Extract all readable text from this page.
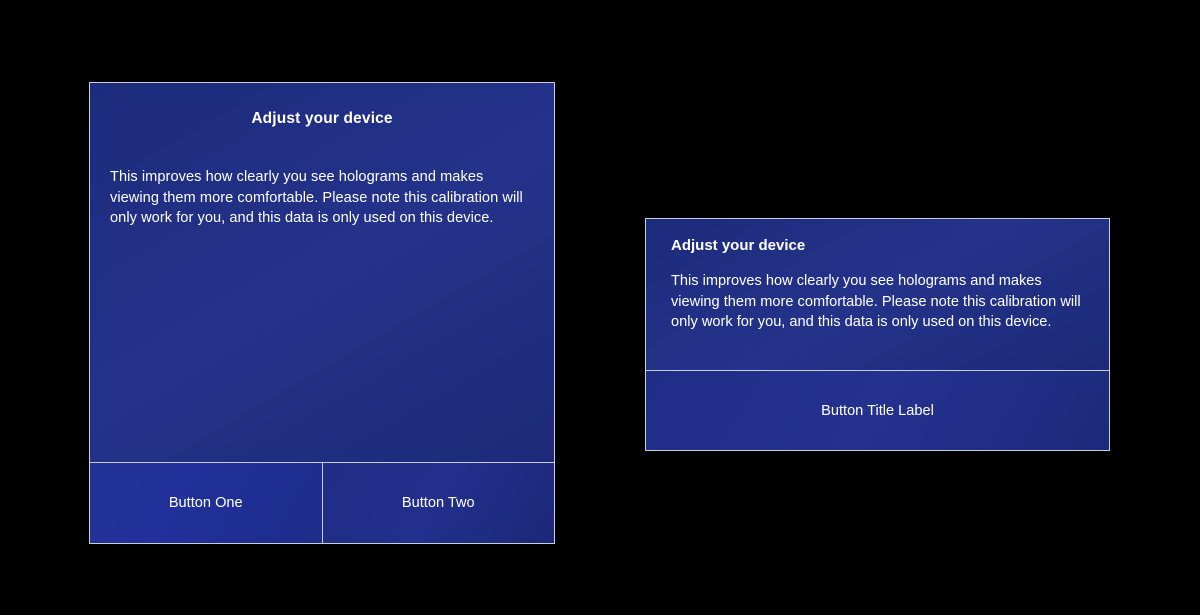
Adjust your device
This improves how clearly you see holograms and makes viewing them more comfortable. Please note this calibration will only work for you, and this data is only used on this device.
Button One	Button Two
Adjust your device
This improves how clearly you see holograms and makes viewing them more comfortable. Please note this calibration will only work for you, and this data is only used on this device.
Button Title Label
